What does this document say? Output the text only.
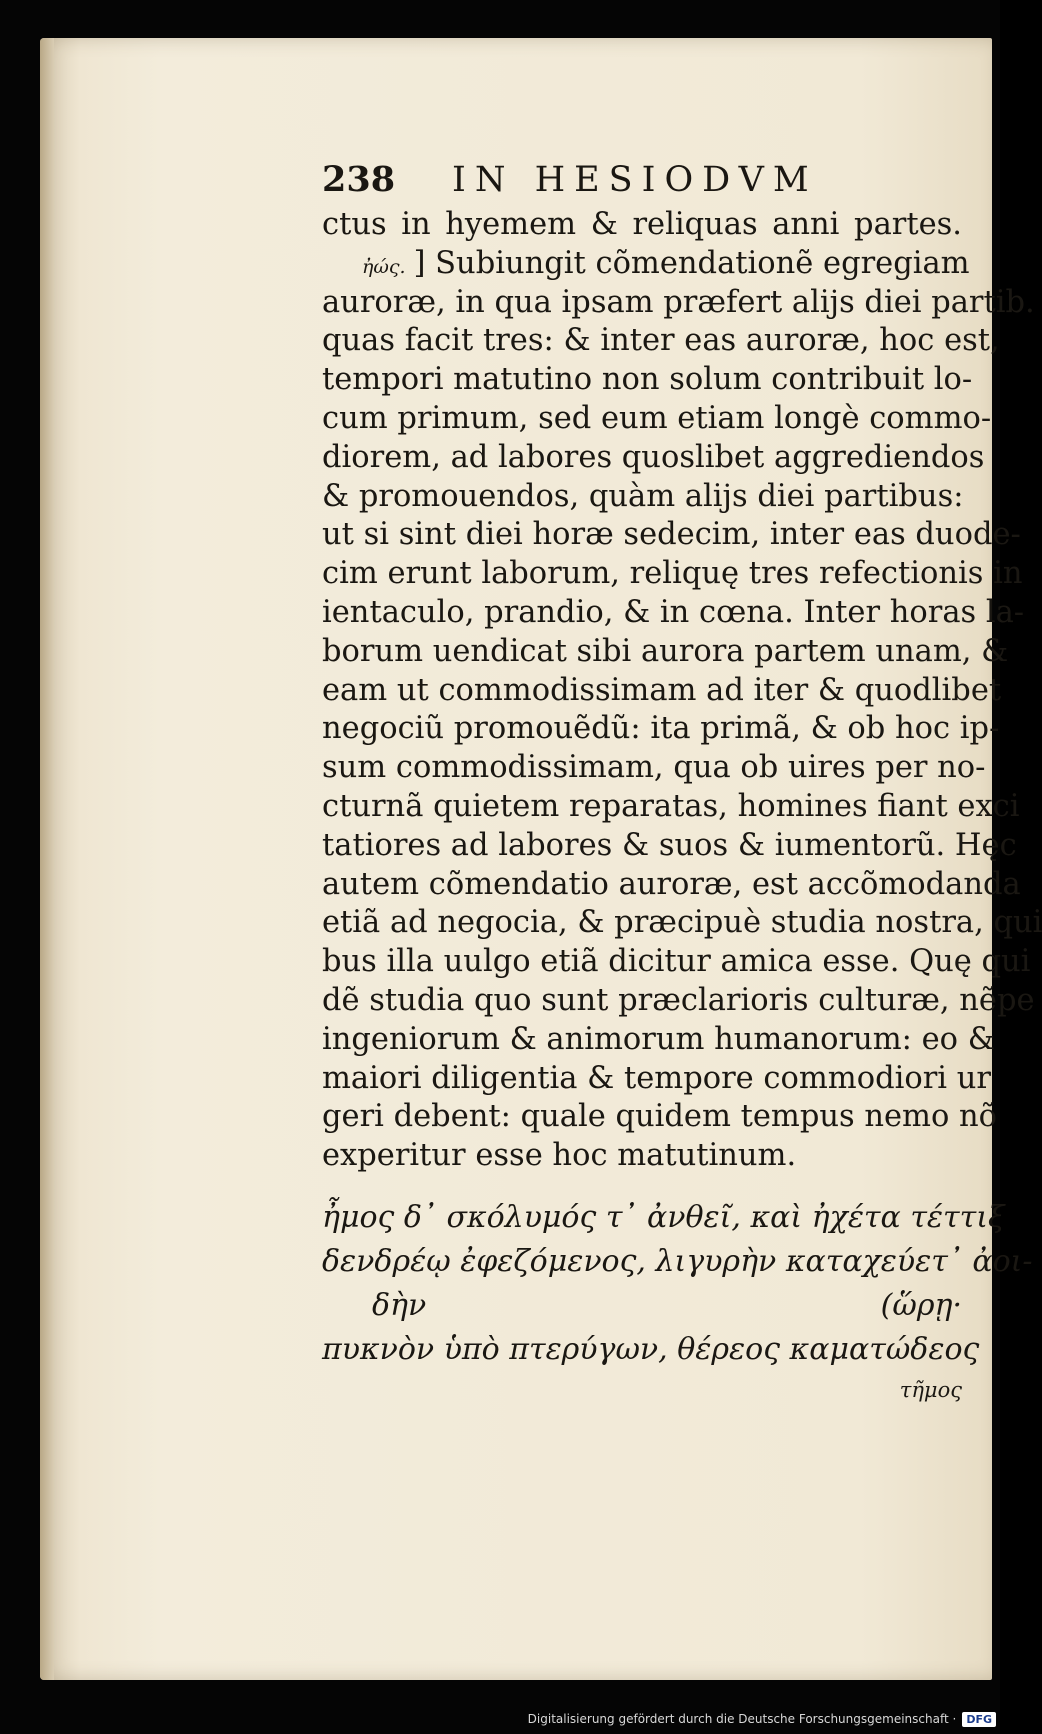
238	IN HESIODVM
ctus in hyemem & reliquas anni partes.
ἠώς. ] Subiungit cõmendationẽ egregiam
auroræ, in qua ipsam præfert alijs diei partib.
quas facit tres: & inter eas auroræ, hoc est,
tempori matutino non solum contribuit lo-
cum primum, sed eum etiam longè commo-
diorem, ad labores quoslibet aggrediendos
& promouendos, quàm alijs diei partibus:
ut si sint diei horæ sedecim, inter eas duode-
cim erunt laborum, reliquę tres refectionis in
ientaculo, prandio, & in cœna. Inter horas la-
borum uendicat sibi aurora partem unam, &
eam ut commodissimam ad iter & quodlibet
negociũ promouẽdũ: ita primã, & ob hoc ip-
sum commodissimam, qua ob uires per no-
cturnã quietem reparatas, homines fiant exci
tatiores ad labores & suos & iumentorũ. Hęc
autem cõmendatio auroræ, est accõmodanda
etiã ad negocia, & præcipuè studia nostra, qui
bus illa uulgo etiã dicitur amica esse. Quę qui
dẽ studia quo sunt præclarioris culturæ, nẽpe
ingeniorum & animorum humanorum: eo &
maiori diligentia & tempore commodiori ur
geri debent: quale quidem tempus nemo nõ
experitur esse hoc matutinum.
ἦμος δ᾽ σκόλυμός τ᾽ ἀνθεῖ, καὶ ἠχέτα τέττιξ
δενδρέῳ ἐφεζόμενος, λιγυρὴν καταχεύετ᾽ ἀοι-
δὴν	(ὥρῃ·
πυκνὸν ὑπὸ πτερύγων, θέρεος καματώδεος
τῆμος
Digitalisierung gefördert durch die Deutsche Forschungsgemeinschaft · DFG
